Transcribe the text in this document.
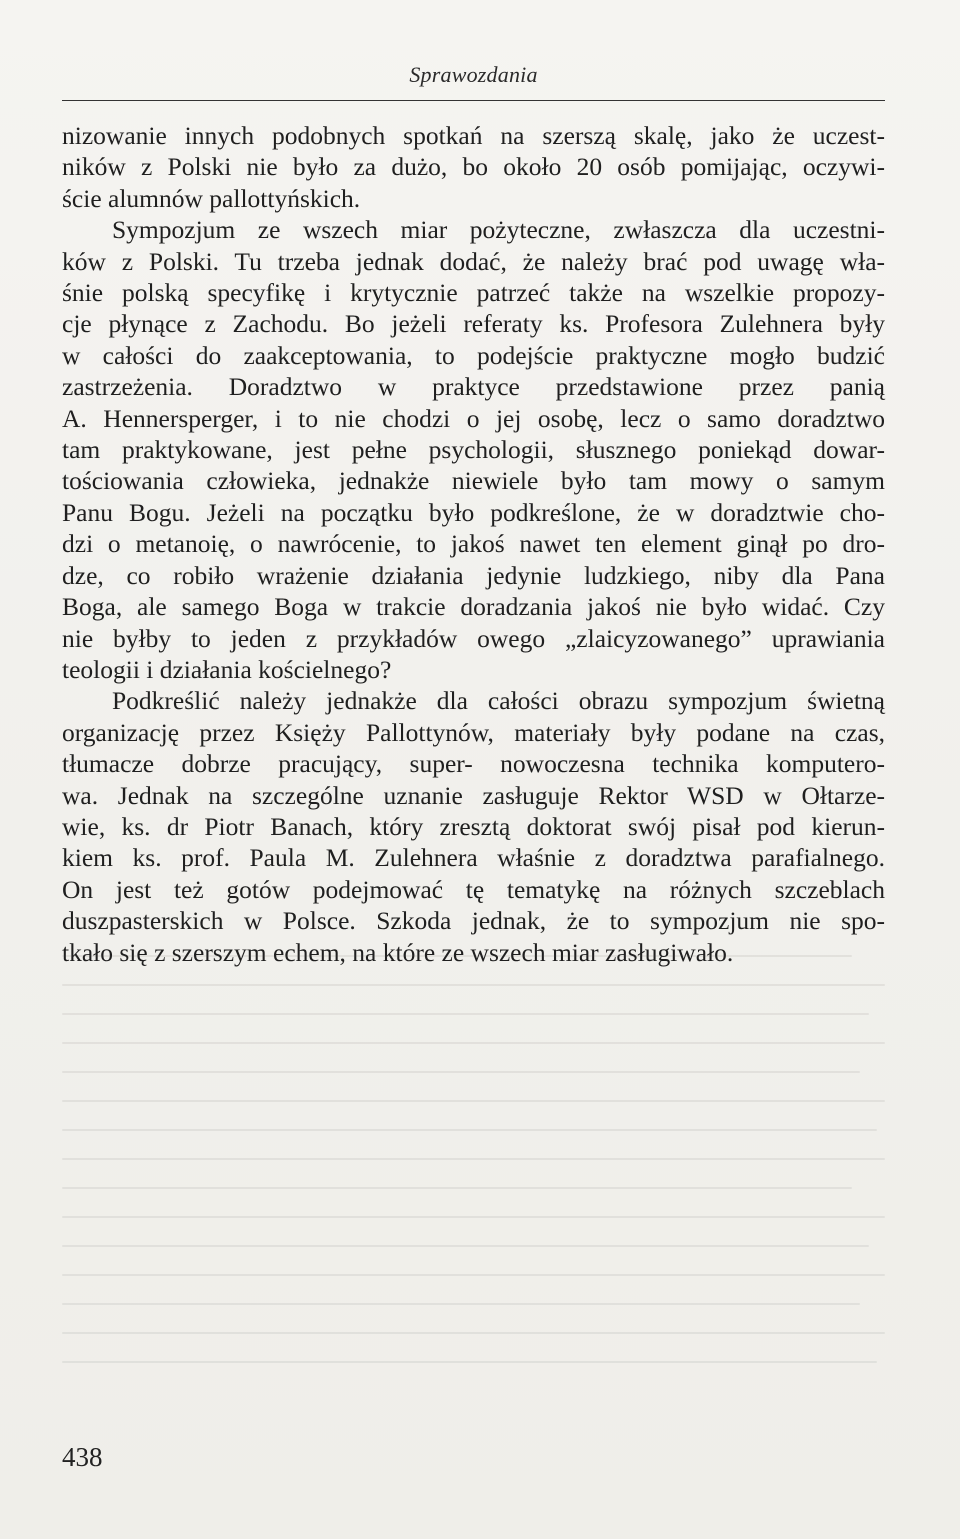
Sprawozdania
nizowanie innych podobnych spotkań na szerszą skalę, jako że uczest-
ników z Polski nie było za dużo, bo około 20 osób pomijając, oczywi-
ście alumnów pallottyńskich.
Sympozjum ze wszech miar pożyteczne, zwłaszcza dla uczestni-
ków z Polski. Tu trzeba jednak dodać, że należy brać pod uwagę wła-
śnie polską specyfikę i krytycznie patrzeć także na wszelkie propozy-
cje płynące z Zachodu. Bo jeżeli referaty ks. Profesora Zulehnera były
w całości do zaakceptowania, to podejście praktyczne mogło budzić
zastrzeżenia. Doradztwo w praktyce przedstawione przez panią
A. Hennersperger, i to nie chodzi o jej osobę, lecz o samo doradztwo
tam praktykowane, jest pełne psychologii, słusznego poniekąd dowar-
tościowania człowieka, jednakże niewiele było tam mowy o samym
Panu Bogu. Jeżeli na początku było podkreślone, że w doradztwie cho-
dzi o metanoię, o nawrócenie, to jakoś nawet ten element ginął po dro-
dze, co robiło wrażenie działania jedynie ludzkiego, niby dla Pana
Boga, ale samego Boga w trakcie doradzania jakoś nie było widać. Czy
nie byłby to jeden z przykładów owego „zlaicyzowanego” uprawiania
teologii i działania kościelnego?
Podkreślić należy jednakże dla całości obrazu sympozjum świetną
organizację przez Księży Pallottynów, materiały były podane na czas,
tłumacze dobrze pracujący, super- nowoczesna technika komputero-
wa. Jednak na szczególne uznanie zasługuje Rektor WSD w Ołtarze-
wie, ks. dr Piotr Banach, który zresztą doktorat swój pisał pod kierun-
kiem ks. prof. Paula M. Zulehnera właśnie z doradztwa parafialnego.
On jest też gotów podejmować tę tematykę na różnych szczeblach
duszpasterskich w Polsce. Szkoda jednak, że to sympozjum nie spo-
tkało się z szerszym echem, na które ze wszech miar zasługiwało.
438
